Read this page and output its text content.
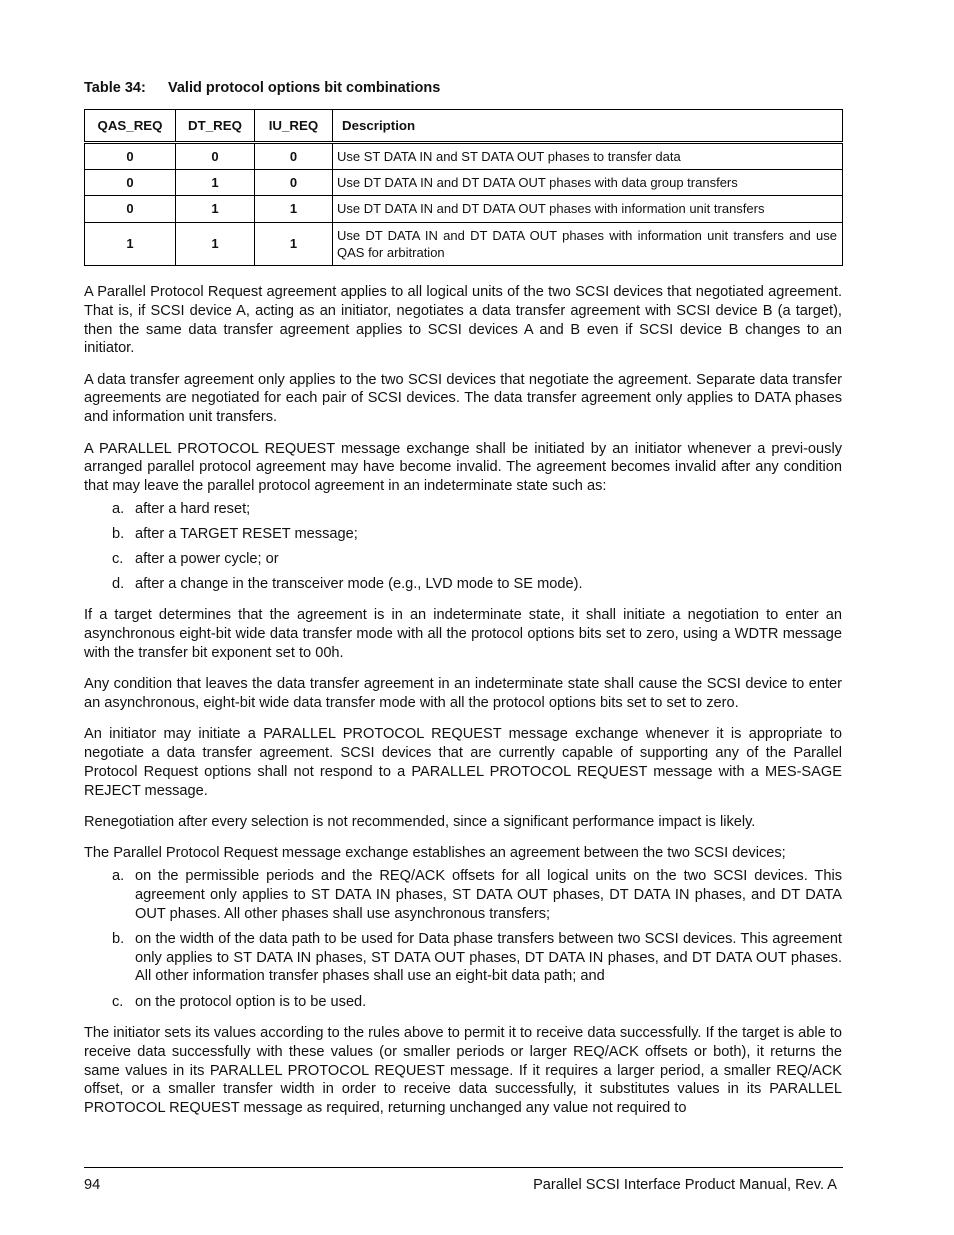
Table 34: Valid protocol options bit combinations
QAS_REQ	DT_REQ	IU_REQ	Description
0	0	0	Use ST DATA IN and ST DATA OUT phases to transfer data
0	1	0	Use DT DATA IN and DT DATA OUT phases with data group transfers
0	1	1	Use DT DATA IN and DT DATA OUT phases with information unit transfers
1	1	1	Use DT DATA IN and DT DATA OUT phases with information unit transfers and use QAS for arbitration

A Parallel Protocol Request agreement applies to all logical units of the two SCSI devices that negotiated agreement. That is, if SCSI device A, acting as an initiator, negotiates a data transfer agreement with SCSI device B (a target), then the same data transfer agreement applies to SCSI devices A and B even if SCSI device B changes to an initiator.

A data transfer agreement only applies to the two SCSI devices that negotiate the agreement. Separate data transfer agreements are negotiated for each pair of SCSI devices. The data transfer agreement only applies to DATA phases and information unit transfers.

A PARALLEL PROTOCOL REQUEST message exchange shall be initiated by an initiator whenever a previ-ously arranged parallel protocol agreement may have become invalid. The agreement becomes invalid after any condition that may leave the parallel protocol agreement in an indeterminate state such as:

a. after a hard reset;
b. after a TARGET RESET message;
c. after a power cycle; or
d. after a change in the transceiver mode (e.g., LVD mode to SE mode).

If a target determines that the agreement is in an indeterminate state, it shall initiate a negotiation to enter an asynchronous eight-bit wide data transfer mode with all the protocol options bits set to zero, using a WDTR message with the transfer bit exponent set to 00h.

Any condition that leaves the data transfer agreement in an indeterminate state shall cause the SCSI device to enter an asynchronous, eight-bit wide data transfer mode with all the protocol options bits set to set to zero.

An initiator may initiate a PARALLEL PROTOCOL REQUEST message exchange whenever it is appropriate to negotiate a data transfer agreement. SCSI devices that are currently capable of supporting any of the Parallel Protocol Request options shall not respond to a PARALLEL PROTOCOL REQUEST message with a MES-SAGE REJECT message.

Renegotiation after every selection is not recommended, since a significant performance impact is likely.

The Parallel Protocol Request message exchange establishes an agreement between the two SCSI devices;

a. on the permissible periods and the REQ/ACK offsets for all logical units on the two SCSI devices. This agreement only applies to ST DATA IN phases, ST DATA OUT phases, DT DATA IN phases, and DT DATA OUT phases. All other phases shall use asynchronous transfers;
b. on the width of the data path to be used for Data phase transfers between two SCSI devices. This agreement only applies to ST DATA IN phases, ST DATA OUT phases, DT DATA IN phases, and DT DATA OUT phases. All other information transfer phases shall use an eight-bit data path; and
c. on the protocol option is to be used.

The initiator sets its values according to the rules above to permit it to receive data successfully. If the target is able to receive data successfully with these values (or smaller periods or larger REQ/ACK offsets or both), it returns the same values in its PARALLEL PROTOCOL REQUEST message. If it requires a larger period, a smaller REQ/ACK offset, or a smaller transfer width in order to receive data successfully, it substitutes values in its PARALLEL PROTOCOL REQUEST message as required, returning unchanged any value not required to

94	Parallel SCSI Interface Product Manual, Rev. A
